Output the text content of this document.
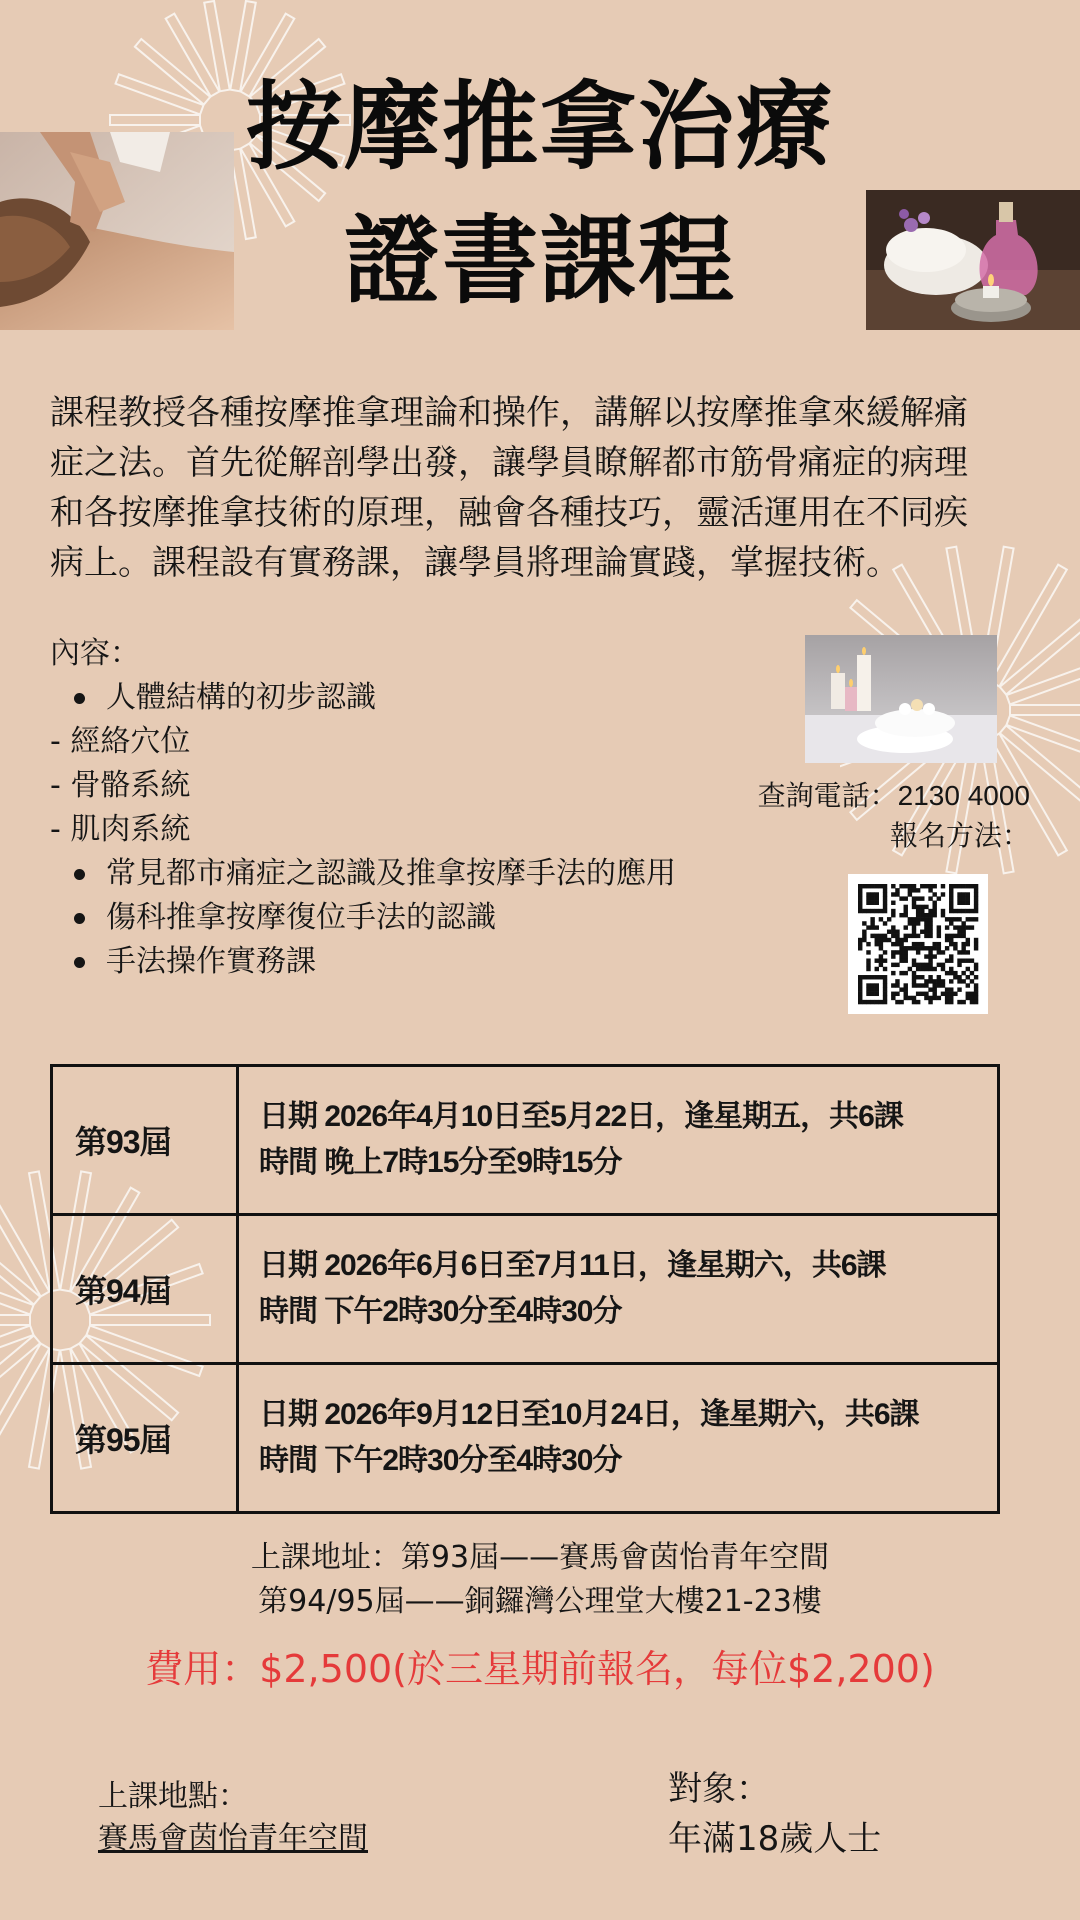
按摩推拿治療
證書課程
課程教授各種按摩推拿理論和操作，講解以按摩推拿來緩解痛
症之法。首先從解剖學出發，讓學員瞭解都市筋骨痛症的病理
和各按摩推拿技術的原理，融會各種技巧，靈活運用在不同疾
病上。課程設有實務課，讓學員將理論實踐，掌握技術。
內容：
人體結構的初步認識
- 經絡穴位
- 骨骼系統
- 肌肉系統
常見都市痛症之認識及推拿按摩手法的應用
傷科推拿按摩復位手法的認識
手法操作實務課
查詢電話：2130 4000
報名方法：
第93屆	日期 2026年4月10日至5月22日，逢星期五，共6課
時間 晚上7時15分至9時15分

第94屆	日期 2026年6月6日至7月11日，逢星期六，共6課
時間 下午2時30分至4時30分

第95屆	日期 2026年9月12日至10月24日，逢星期六，共6課
時間 下午2時30分至4時30分
上課地址：第93屆——賽馬會茵怡青年空間
第94/95屆——銅鑼灣公理堂大樓21-23樓
費用：$2,500(於三星期前報名，每位$2,200)
上課地點：
賽馬會茵怡青年空間
對象：
年滿18歲人士
